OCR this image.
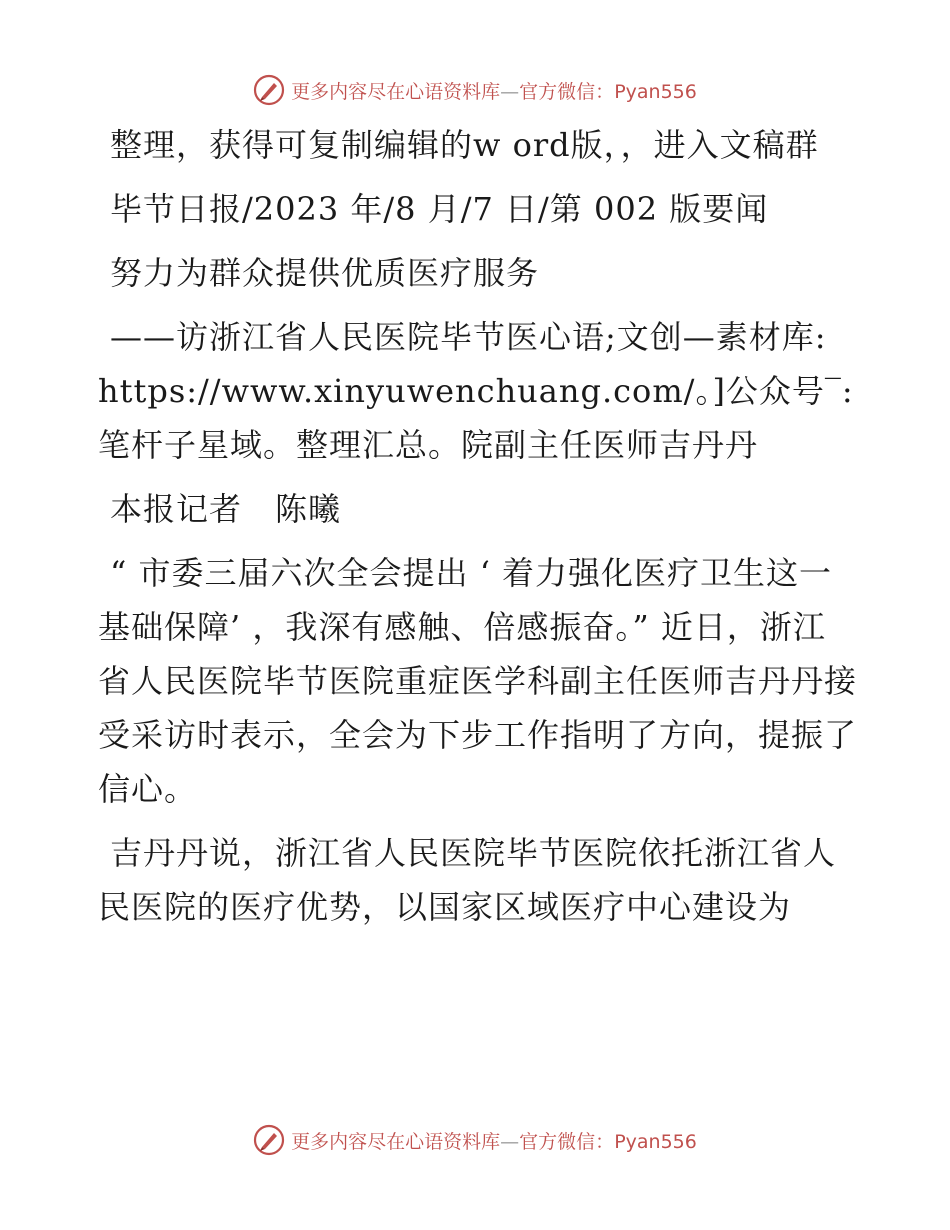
更多内容尽在心语资料库—官方微信：Pyan556

整理，获得可复制编辑的w ord版，，进入文稿群

毕节日报/2023 年/8 月/7 日/第 002 版要闻

努力为群众提供优质医疗服务

——访浙江省人民医院毕节医心语;文创—素材库: https://www.xinyuwenchuang.com/。]公众号‾: 笔杆子星域。整理汇总。院副主任医师吉丹丹

本报记者　陈曦

“ 市委三届六次全会提出 ‘ 着力强化医疗卫生这一基础保障’ ，我深有感触、倍感振奋。” 近日，浙江省人民医院毕节医院重症医学科副主任医师吉丹丹接受采访时表示，全会为下步工作指明了方向，提振了信心。

吉丹丹说，浙江省人民医院毕节医院依托浙江省人民医院的医疗优势，以国家区域医疗中心建设为

更多内容尽在心语资料库—官方微信：Pyan556
